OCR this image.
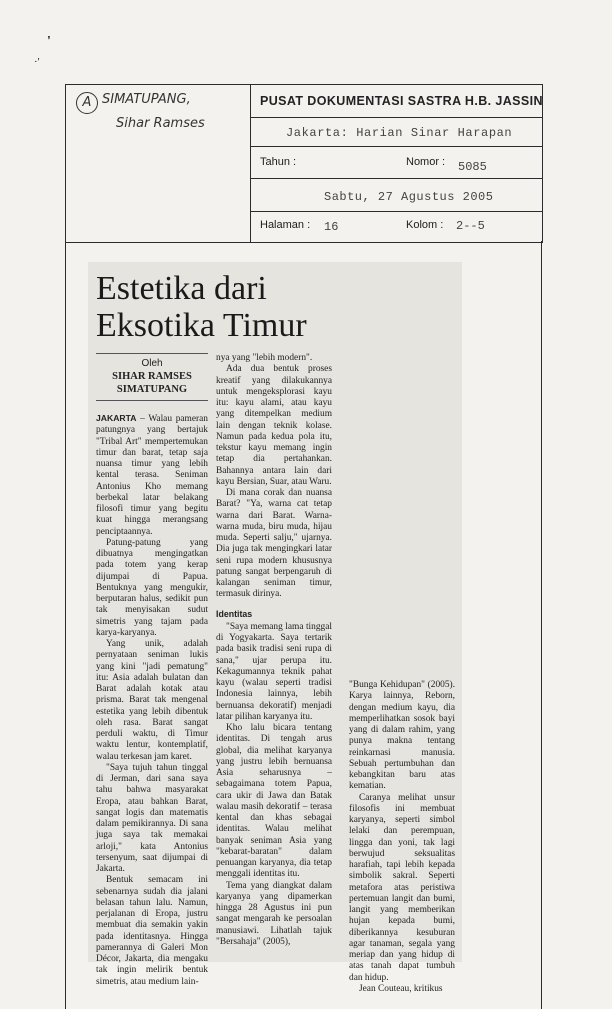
'
·'
A SIMATUPANG,
Sihar Ramses
PUSAT DOKUMENTASI SASTRA H.B. JASSIN
Jakarta: Harian Sinar Harapan
Tahun :	Nomor : 5085
Sabtu, 27 Agustus 2005
Halaman : 16	Kolom : 2--5
Estetika dari
Eksotika Timur
Oleh
SIHAR RAMSES
SIMATUPANG

JAKARTA – Walau pameran patungnya yang bertajuk "Tribal Art" mempertemukan timur dan barat, tetap saja nuansa timur yang lebih kental terasa. Seniman Antonius Kho memang berbekal latar belakang filosofi timur yang begitu kuat hingga merangsang penciptaannya.

Patung-patung yang dibuatnya mengingatkan pada totem yang kerap dijumpai di Papua. Bentuknya yang mengukir, berputaran halus, sedikit pun tak menyisakan sudut simetris yang tajam pada karya-karyanya.

Yang unik, adalah pernyataan seniman lukis yang kini "jadi pematung" itu: Asia adalah bulatan dan Barat adalah kotak atau prisma. Barat tak mengenal estetika yang lebih dibentuk oleh rasa. Barat sangat perduli waktu, di Timur waktu lentur, kontemplatif, walau terkesan jam karet.

"Saya tujuh tahun tinggal di Jerman, dari sana saya tahu bahwa masyarakat Eropa, atau bahkan Barat, sangat logis dan matematis dalam pemikirannya. Di sana juga saya tak memakai arloji," kata Antonius tersenyum, saat dijumpai di Jakarta.

Bentuk semacam ini sebenarnya sudah dia jalani belasan tahun lalu. Namun, perjalanan di Eropa, justru membuat dia semakin yakin pada identitasnya. Hingga pamerannya di Galeri Mon Décor, Jakarta, dia mengaku tak ingin melirik bentuk simetris, atau medium lain-

nya yang "lebih modern".

Ada dua bentuk proses kreatif yang dilakukannya untuk mengeksplorasi kayu itu: kayu alami, atau kayu yang ditempelkan medium lain dengan teknik kolase. Namun pada kedua pola itu, tekstur kayu memang ingin tetap dia pertahankan. Bahannya antara lain dari kayu Bersian, Suar, atau Waru.

Di mana corak dan nuansa Barat? "Ya, warna cat tetap warna dari Barat. Warna-warna muda, biru muda, hijau muda. Seperti salju," ujarnya. Dia juga tak mengingkari latar seni rupa modern khususnya patung sangat berpengaruh di kalangan seniman timur, termasuk dirinya.

Identitas

"Saya memang lama tinggal di Yogyakarta. Saya tertarik pada basik tradisi seni rupa di sana," ujar perupa itu. Kekagumannya teknik pahat kayu (walau seperti tradisi Indonesia lainnya, lebih bernuansa dekoratif) menjadi latar pilihan karyanya itu.

Kho lalu bicara tentang identitas. Di tengah arus global, dia melihat karyanya yang justru lebih bernuansa Asia seharusnya – sebagaimana totem Papua, cara ukir di Jawa dan Batak walau masih dekoratif – terasa kental dan khas sebagai identitas. Walau melihat banyak seniman Asia yang "kebarat-baratan" dalam penuangan karyanya, dia tetap menggali identitas itu.

Tema yang diangkat dalam karyanya yang dipamerkan hingga 28 Agustus ini pun sangat mengarah ke persoalan manusiawi. Lihatlah tajuk "Bersahaja" (2005),

"Bunga Kehidupan" (2005). Karya lainnya, Reborn, dengan medium kayu, dia memperlihatkan sosok bayi yang di dalam rahim, yang punya makna tentang reinkarnasi manusia. Sebuah pertumbuhan dan kebangkitan baru atas kematian.

Caranya melihat unsur filosofis ini membuat karyanya, seperti simbol lelaki dan perempuan, lingga dan yoni, tak lagi berwujud seksualitas harafiah, tapi lebih kepada simbolik sakral. Seperti metafora atas peristiwa pertemuan langit dan bumi, langit yang memberikan hujan kepada bumi, diberikannya kesuburan agar tanaman, segala yang meriap dan yang hidup di atas tanah dapat tumbuh dan hidup.

Jean Couteau, kritikus
